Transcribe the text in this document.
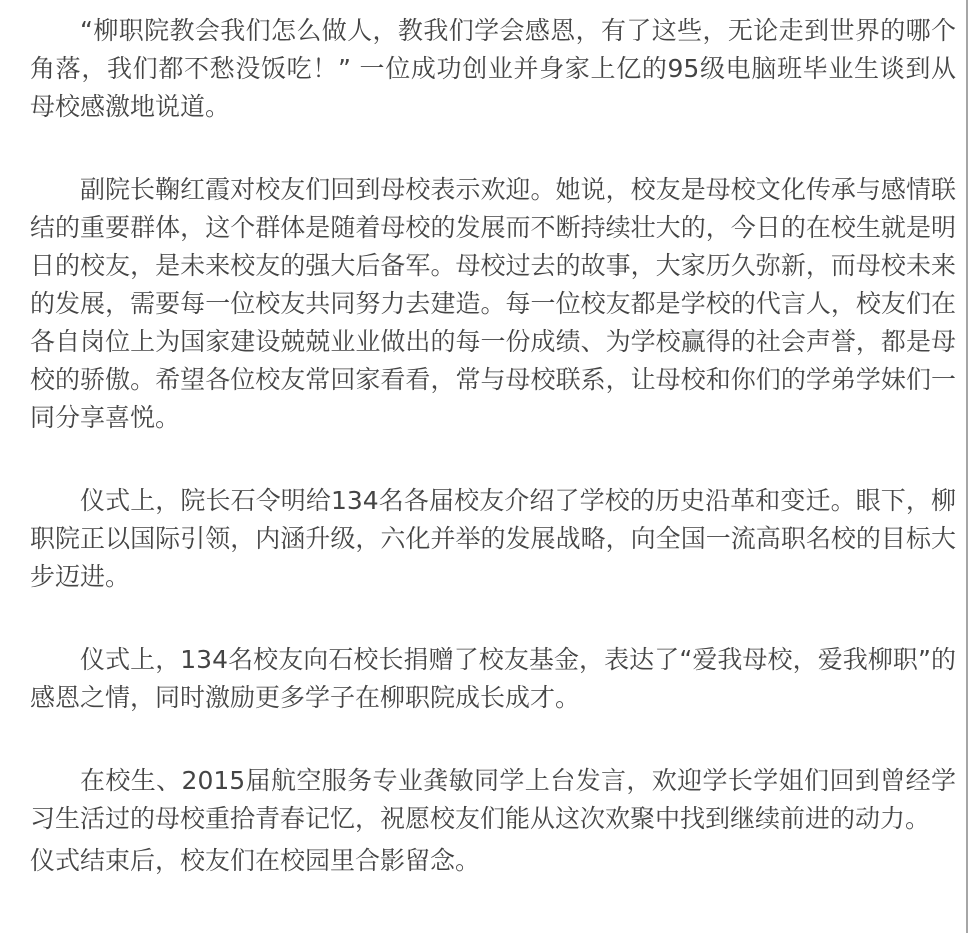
“柳职院教会我们怎么做人，教我们学会感恩，有了这些，无论走到世界的哪个角落，我们都不愁没饭吃！” 一位成功创业并身家上亿的95级电脑班毕业生谈到从母校感激地说道。

副院长鞠红霞对校友们回到母校表示欢迎。她说，校友是母校文化传承与感情联结的重要群体，这个群体是随着母校的发展而不断持续壮大的，今日的在校生就是明日的校友，是未来校友的强大后备军。母校过去的故事，大家历久弥新，而母校未来的发展，需要每一位校友共同努力去建造。每一位校友都是学校的代言人，校友们在各自岗位上为国家建设兢兢业业做出的每一份成绩、为学校赢得的社会声誉，都是母校的骄傲。希望各位校友常回家看看，常与母校联系，让母校和你们的学弟学妹们一同分享喜悦。

仪式上，院长石令明给134名各届校友介绍了学校的历史沿革和变迁。眼下，柳职院正以国际引领，内涵升级，六化并举的发展战略，向全国一流高职名校的目标大步迈进。

仪式上，134名校友向石校长捐赠了校友基金，表达了“爱我母校，爱我柳职”的感恩之情，同时激励更多学子在柳职院成长成才。

在校生、2015届航空服务专业龚敏同学上台发言，欢迎学长学姐们回到曾经学习生活过的母校重拾青春记忆，祝愿校友们能从这次欢聚中找到继续前进的动力。

仪式结束后，校友们在校园里合影留念。
